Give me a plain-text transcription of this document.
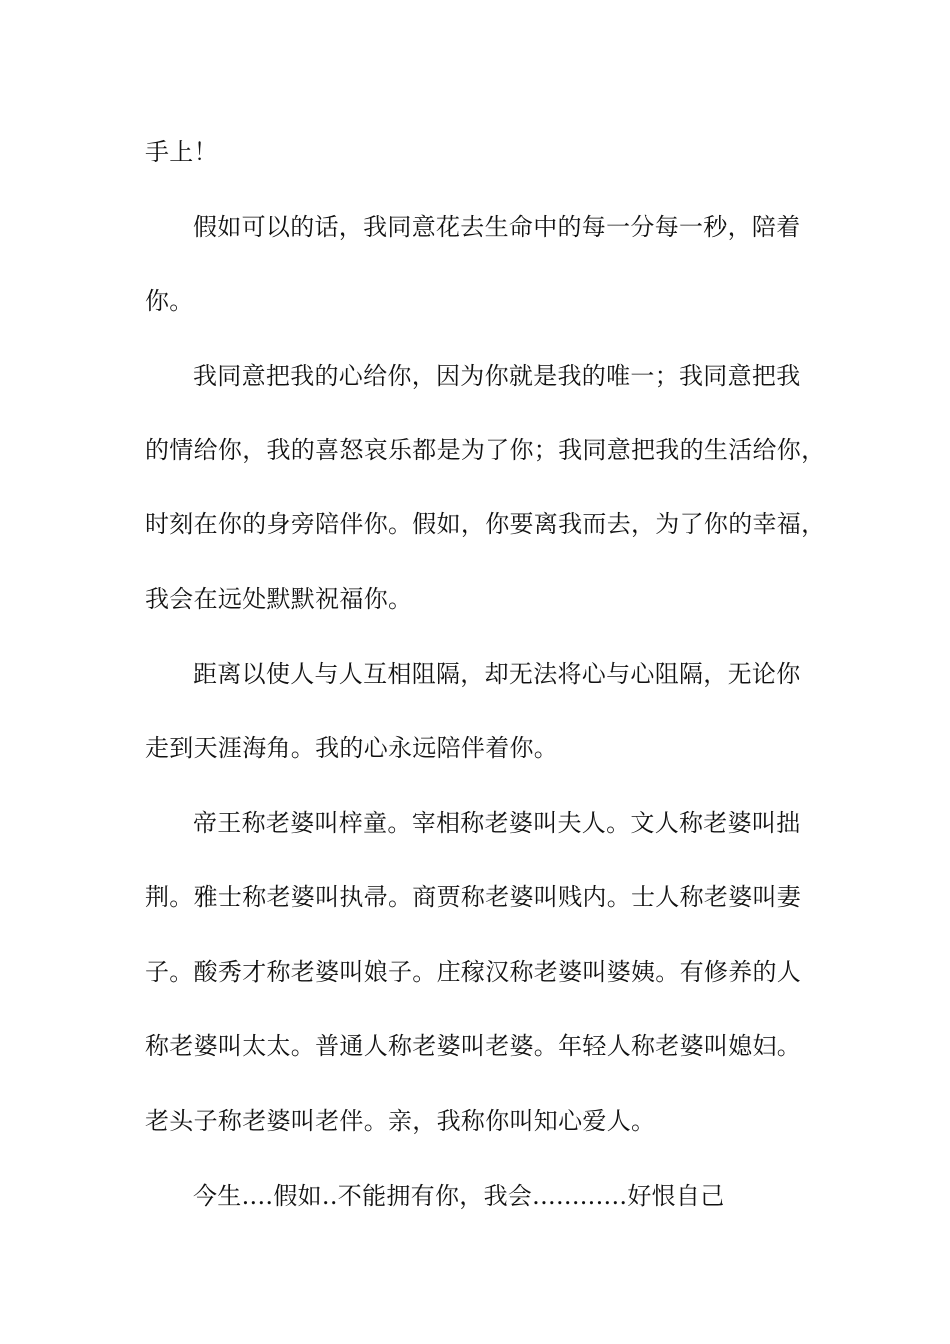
手上！
假如可以的话，我同意花去生命中的每一分每一秒，陪着
你。
我同意把我的心给你，因为你就是我的唯一；我同意把我
的情给你，我的喜怒哀乐都是为了你；我同意把我的生活给你，
时刻在你的身旁陪伴你。假如，你要离我而去，为了你的幸福，
我会在远处默默祝福你。
距离以使人与人互相阻隔，却无法将心与心阻隔，无论你
走到天涯海角。我的心永远陪伴着你。
帝王称老婆叫梓童。宰相称老婆叫夫人。文人称老婆叫拙
荆。雅士称老婆叫执帚。商贾称老婆叫贱内。士人称老婆叫妻
子。酸秀才称老婆叫娘子。庄稼汉称老婆叫婆姨。有修养的人
称老婆叫太太。普通人称老婆叫老婆。年轻人称老婆叫媳妇。
老头子称老婆叫老伴。亲，我称你叫知心爱人。
今生....假如..不能拥有你，我会............好恨自己
